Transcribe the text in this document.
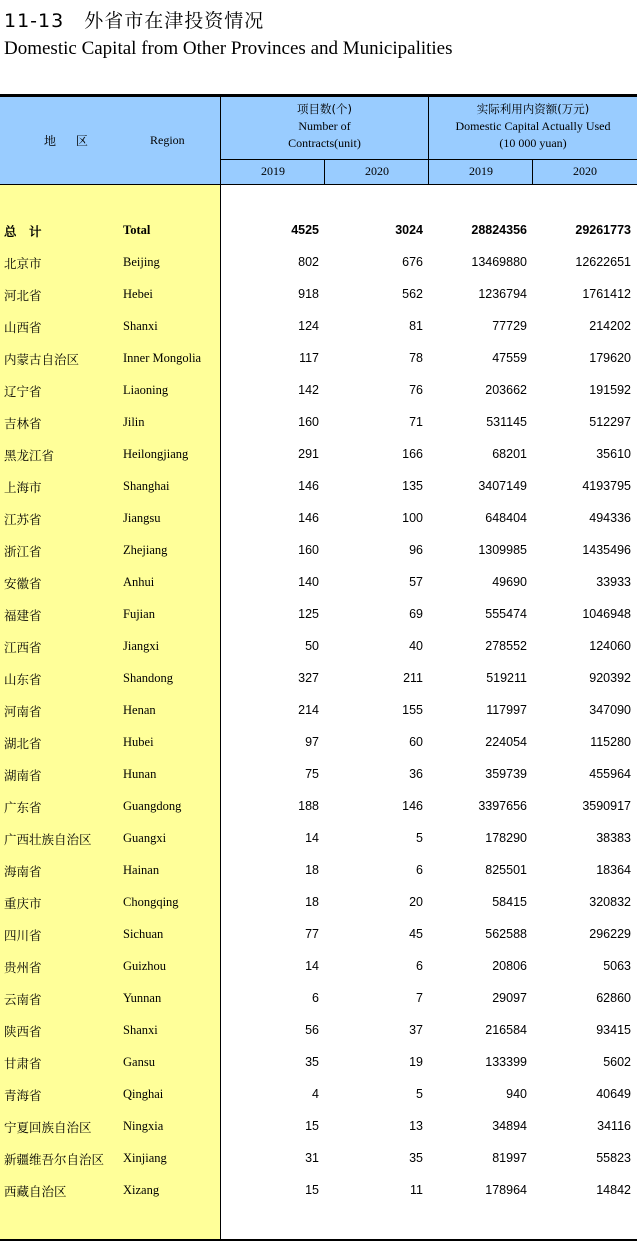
11-13　外省市在津投资情况
Domestic Capital from Other Provinces and Municipalities
地 区	Region
项目数(个)
Number of
Contracts(unit)
实际利用内资额(万元)
Domestic Capital Actually Used
(10 000 yuan)
2019	2020	2019	2020
总　计	Total	4525	3024	28824356	29261773
北京市	Beijing	802	676	13469880	12622651
河北省	Hebei	918	562	1236794	1761412
山西省	Shanxi	124	81	77729	214202
内蒙古自治区	Inner Mongolia	117	78	47559	179620
辽宁省	Liaoning	142	76	203662	191592
吉林省	Jilin	160	71	531145	512297
黑龙江省	Heilongjiang	291	166	68201	35610
上海市	Shanghai	146	135	3407149	4193795
江苏省	Jiangsu	146	100	648404	494336
浙江省	Zhejiang	160	96	1309985	1435496
安徽省	Anhui	140	57	49690	33933
福建省	Fujian	125	69	555474	1046948
江西省	Jiangxi	50	40	278552	124060
山东省	Shandong	327	211	519211	920392
河南省	Henan	214	155	117997	347090
湖北省	Hubei	97	60	224054	115280
湖南省	Hunan	75	36	359739	455964
广东省	Guangdong	188	146	3397656	3590917
广西壮族自治区	Guangxi	14	5	178290	38383
海南省	Hainan	18	6	825501	18364
重庆市	Chongqing	18	20	58415	320832
四川省	Sichuan	77	45	562588	296229
贵州省	Guizhou	14	6	20806	5063
云南省	Yunnan	6	7	29097	62860
陕西省	Shanxi	56	37	216584	93415
甘肃省	Gansu	35	19	133399	5602
青海省	Qinghai	4	5	940	40649
宁夏回族自治区	Ningxia	15	13	34894	34116
新疆维吾尔自治区 Xinjiang	31	35	81997	55823
西藏自治区	Xizang	15	11	178964	14842
